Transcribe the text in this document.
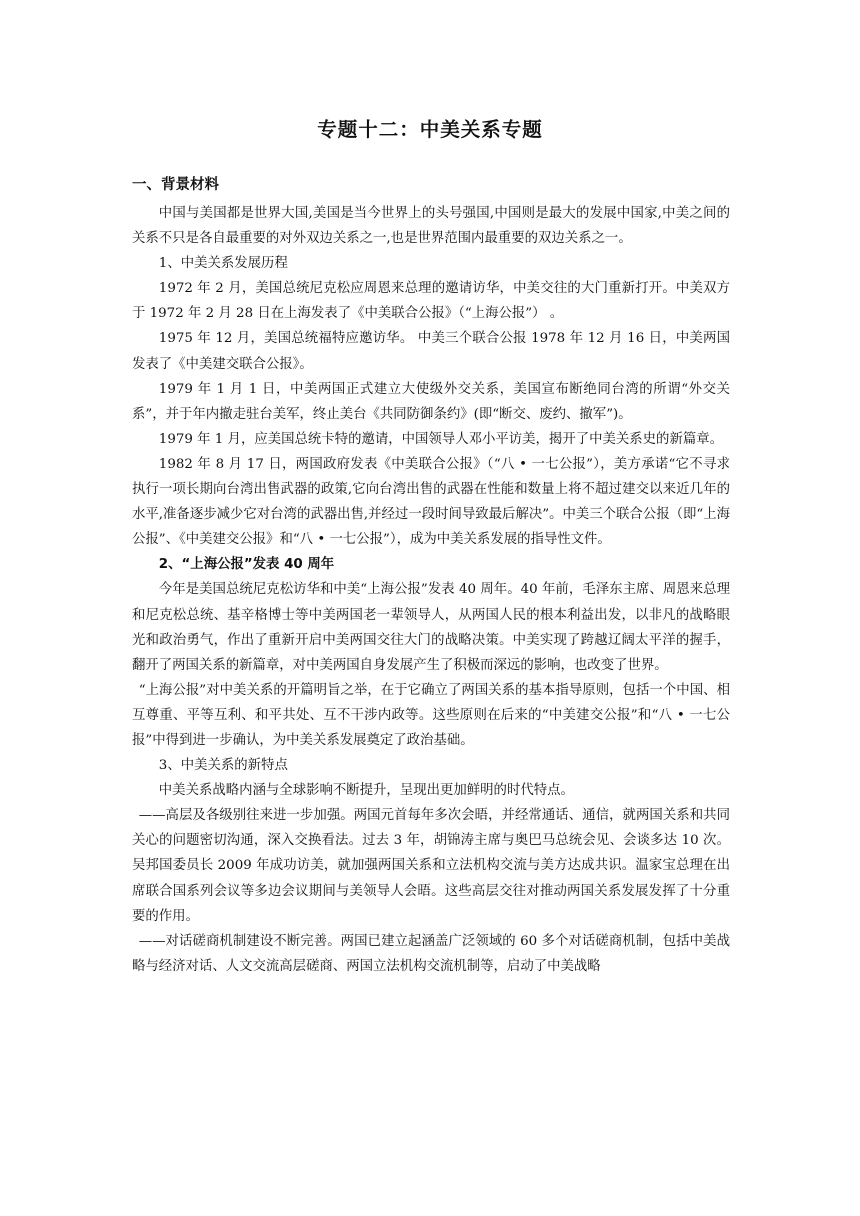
专题十二：中美关系专题
一、背景材料

中国与美国都是世界大国,美国是当今世界上的头号强国,中国则是最大的发展中国家,中美之间的关系不只是各自最重要的对外双边关系之一,也是世界范围内最重要的双边关系之一。

1、中美关系发展历程

1972 年 2 月，美国总统尼克松应周恩来总理的邀请访华，中美交往的大门重新打开。中美双方于 1972 年 2 月 28 日在上海发表了《中美联合公报》（“上海公报”） 。

1975 年 12 月，美国总统福特应邀访华。 中美三个联合公报 1978 年 12 月 16 日，中美两国发表了《中美建交联合公报》。

1979 年 1 月 1 日，中美两国正式建立大使级外交关系，美国宣布断绝同台湾的所谓“外交关系”，并于年内撤走驻台美军，终止美台《共同防御条约》(即“断交、废约、撤军”)。

1979 年 1 月，应美国总统卡特的邀请，中国领导人邓小平访美，揭开了中美关系史的新篇章。

1982 年 8 月 17 日，两国政府发表《中美联合公报》（“八 • 一七公报”），美方承诺“它不寻求执行一项长期向台湾出售武器的政策,它向台湾出售的武器在性能和数量上将不超过建交以来近几年的水平,准备逐步减少它对台湾的武器出售,并经过一段时间导致最后解决”。中美三个联合公报（即“上海公报”、《中美建交公报》和“八 • 一七公报”），成为中美关系发展的指导性文件。

2、“上海公报”发表 40 周年

今年是美国总统尼克松访华和中美“上海公报”发表 40 周年。40 年前，毛泽东主席、周恩来总理和尼克松总统、基辛格博士等中美两国老一辈领导人，从两国人民的根本利益出发，以非凡的战略眼光和政治勇气，作出了重新开启中美两国交往大门的战略决策。中美实现了跨越辽阔太平洋的握手，翻开了两国关系的新篇章，对中美两国自身发展产生了积极而深远的影响，也改变了世界。

“上海公报”对中美关系的开篇明旨之举，在于它确立了两国关系的基本指导原则，包括一个中国、相互尊重、平等互利、和平共处、互不干涉内政等。这些原则在后来的“中美建交公报”和“八 • 一七公报”中得到进一步确认，为中美关系发展奠定了政治基础。

3、中美关系的新特点

中美关系战略内涵与全球影响不断提升，呈现出更加鲜明的时代特点。

——高层及各级别往来进一步加强。两国元首每年多次会晤，并经常通话、通信，就两国关系和共同关心的问题密切沟通，深入交换看法。过去 3 年，胡锦涛主席与奥巴马总统会见、会谈多达 10 次。吴邦国委员长 2009 年成功访美，就加强两国关系和立法机构交流与美方达成共识。温家宝总理在出席联合国系列会议等多边会议期间与美领导人会晤。这些高层交往对推动两国关系发展发挥了十分重要的作用。

——对话磋商机制建设不断完善。两国已建立起涵盖广泛领域的 60 多个对话磋商机制，包括中美战略与经济对话、人文交流高层磋商、两国立法机构交流机制等，启动了中美战略
